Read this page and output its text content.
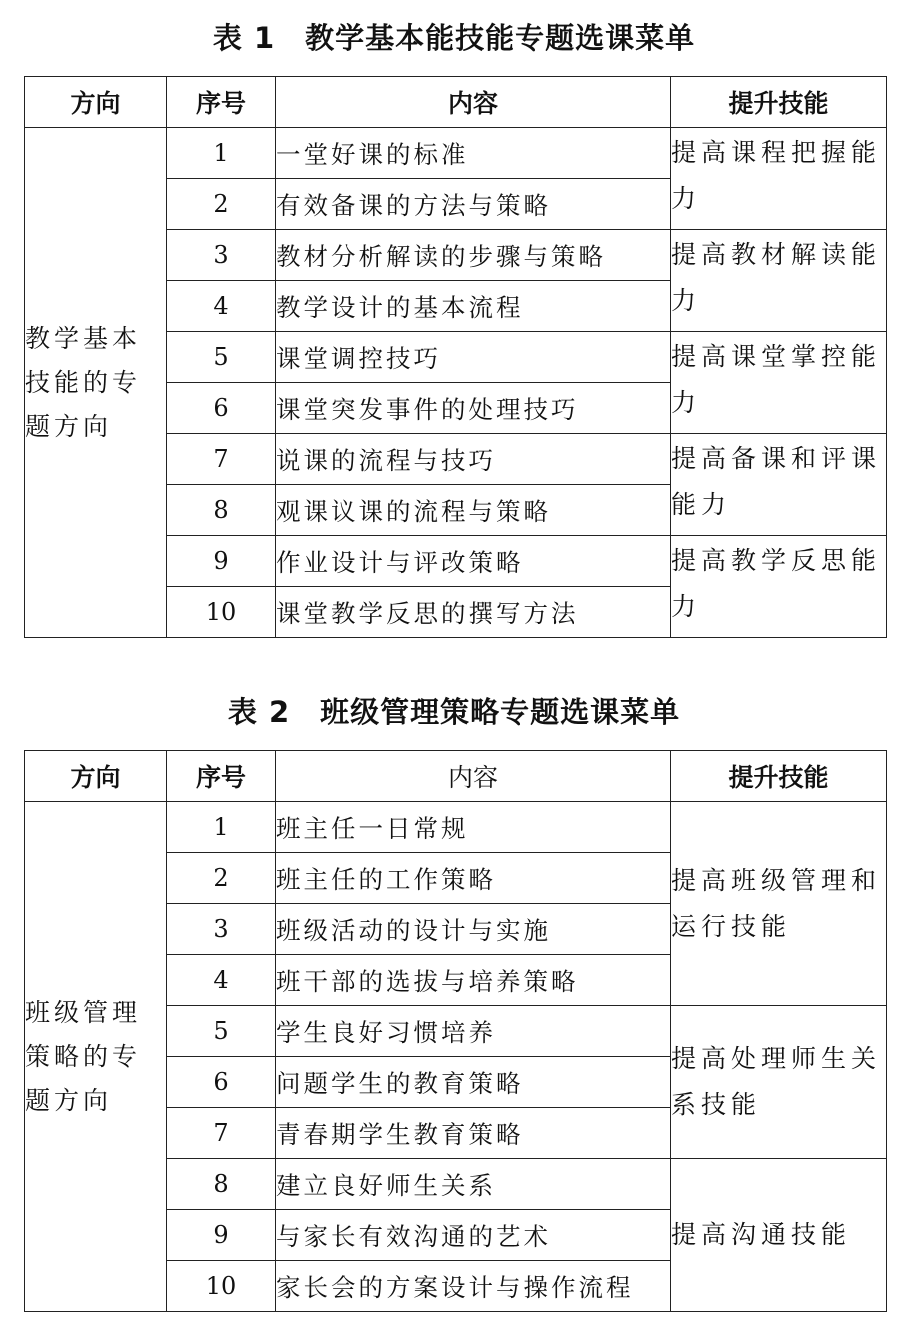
表 1　教学基本能技能专题选课菜单
方向	序号	内容	提升技能
教学基本技能的专题方向	1	一堂好课的标准	提高课程把握能力

	2	有效备课的方法与策略	
	3	教材分析解读的步骤与策略	提高教材解读能力

	4	教学设计的基本流程	
	5	课堂调控技巧	提高课堂掌控能力

	6	课堂突发事件的处理技巧	
	7	说课的流程与技巧	提高备课和评课能力

	8	观课议课的流程与策略	
	9	作业设计与评改策略	提高教学反思能力

	10	课堂教学反思的撰写方法	
表 2　班级管理策略专题选课菜单
方向	序号	内容	提升技能
班级管理策略的专题方向	1	班主任一日常规	提高班级管理和运行技能

	2	班主任的工作策略	
	3	班级活动的设计与实施	
	4	班干部的选拔与培养策略	
	5	学生良好习惯培养	提高处理师生关系技能

	6	问题学生的教育策略	
	7	青春期学生教育策略	
	8	建立良好师生关系	提高沟通技能

	9	与家长有效沟通的艺术	
	10	家长会的方案设计与操作流程	
